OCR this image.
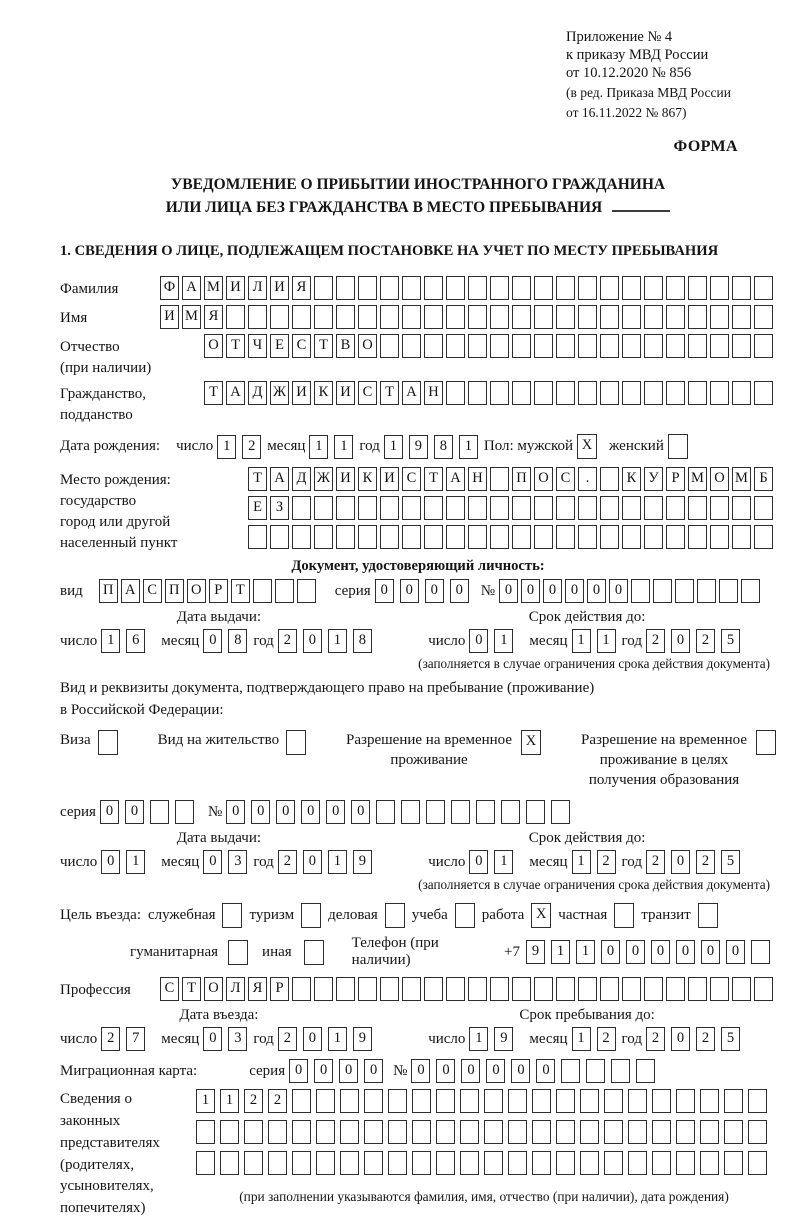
Приложение № 4
к приказу МВД России
от 10.12.2020 № 856
(в ред. Приказа МВД России
от 16.11.2022 № 867)
ФОРМА
УВЕДОМЛЕНИЕ О ПРИБЫТИИ ИНОСТРАННОГО ГРАЖДАНИНА
ИЛИ ЛИЦА БЕЗ ГРАЖДАНСТВА В МЕСТО ПРЕБЫВАНИЯ
1. СВЕДЕНИЯ О ЛИЦЕ, ПОДЛЕЖАЩЕМ ПОСТАНОВКЕ НА УЧЕТ ПО МЕСТУ ПРЕБЫВАНИЯ
Фамилия	Ф А М И Л И Я
Имя	И М Я
Отчество
(при наличии)
О Т Ч Е С Т В О
Гражданство,
подданство
Т А Д Ж И К И С Т А Н
Дата рождения: число 1	2 месяц 1	1 год 1	9	8	1 Пол: мужской X	женский
Место рождения:
государство
город или другой
населенный пункт
Т А Д Ж И К И С Т А Н П О С	.	К У Р М О М Б
Е З
Документ, удостоверяющий личность:
вид П А С П О Р Т	серия 0	0	0	0	№ 0	0	0	0	0	0
Дата выдачи:
число 1	6	месяц 0	8 год 2	0	1	8
Срок действия до:
число 0	1	месяц 1	1 год 2	0	2	5
(заполняется в случае ограничения срока действия документа)
Вид и реквизиты документа, подтверждающего право на пребывание (проживание)
в Российской Федерации:
Виза	Вид на жительство	Разрешение на временное
проживание
X	Разрешение на временное
проживание в целях
получения образования
серия 0	0	№ 0	0	0	0	0	0
Дата выдачи:
число 0	1	месяц 0	3 год 2	0	1	9
Срок действия до:
число 0	1	месяц 1	2 год 2	0	2	5
(заполняется в случае ограничения срока действия документа)
Цель въезда: служебная туризм деловая учеба работа X частная транзит
гуманитарная	иная
Телефон (при наличии)
+7 9	1	1	0	0	0	0	0	0
Профессия	С Т О Л Я Р
Дата въезда:
число 2	7	месяц 0	3 год 2	0	1	9
Срок пребывания до:
число 1	9	месяц 1	2 год 2	0	2	5
Миграционная карта:	серия 0	0	0	0	№ 0	0	0	0	0	0
Сведения о
законных
представителях
(родителях,
усыновителях,
попечителях)
1	1	2	2
(при заполнении указываются фамилия, имя, отчество (при наличии), дата рождения)
